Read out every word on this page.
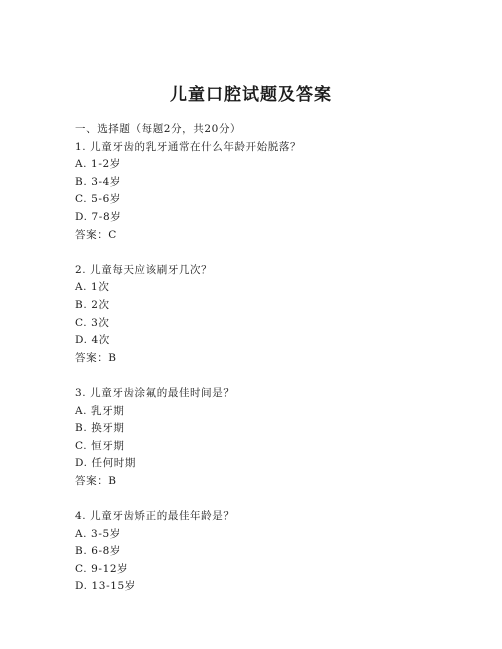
儿童口腔试题及答案
一、选择题（每题2分，共20分）
1. 儿童牙齿的乳牙通常在什么年龄开始脱落？
A. 1-2岁
B. 3-4岁
C. 5-6岁
D. 7-8岁
答案：C
2. 儿童每天应该刷牙几次？
A. 1次
B. 2次
C. 3次
D. 4次
答案：B
3. 儿童牙齿涂氟的最佳时间是？
A. 乳牙期
B. 换牙期
C. 恒牙期
D. 任何时期
答案：B
4. 儿童牙齿矫正的最佳年龄是？
A. 3-5岁
B. 6-8岁
C. 9-12岁
D. 13-15岁
